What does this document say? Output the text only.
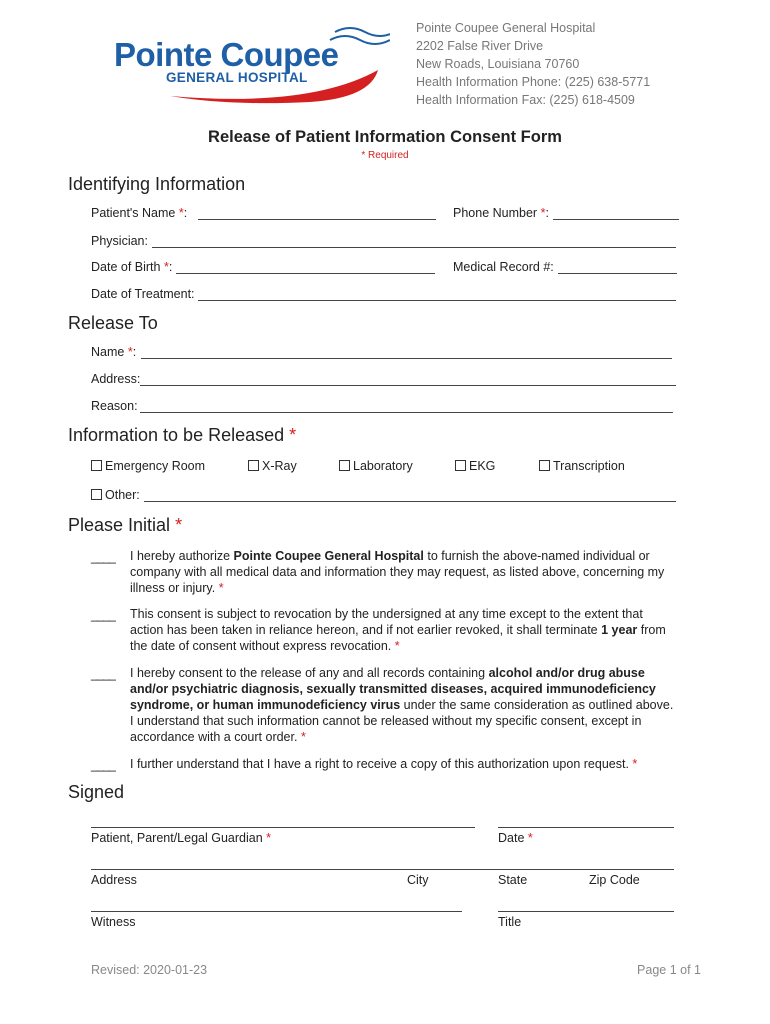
Pointe Coupee
GENERAL HOSPITAL
Pointe Coupee General Hospital
2202 False River Drive
New Roads, Louisiana 70760
Health Information Phone: (225) 638-5771
Health Information Fax: (225) 618-4509
Release of Patient Information Consent Form
* Required
Identifying Information
Patient's Name *:	Phone Number *:
Physician:
Date of Birth *:	Medical Record #:
Date of Treatment:
Release To
Name *:
Address:
Reason:
Information to be Released *
Emergency Room	X-Ray	Laboratory	EKG	Transcription
Other:
Please Initial *
____ I hereby authorize Pointe Coupee General Hospital to furnish the above-named individual or company with all medical data and information they may request, as listed above, concerning my illness or injury. *
____ This consent is subject to revocation by the undersigned at any time except to the extent that action has been taken in reliance hereon, and if not earlier revoked, it shall terminate 1 year from the date of consent without express revocation. *
____ I hereby consent to the release of any and all records containing alcohol and/or drug abuse and/or psychiatric diagnosis, sexually transmitted diseases, acquired immunodeficiency syndrome, or human immunodeficiency virus under the same consideration as outlined above. I understand that such information cannot be released without my specific consent, except in accordance with a court order. *
____ I further understand that I have a right to receive a copy of this authorization upon request. *
Signed
Patient, Parent/Legal Guardian *	Date *
Address	City	State	Zip Code
Witness	Title
Revised: 2020-01-23	Page 1 of 1
